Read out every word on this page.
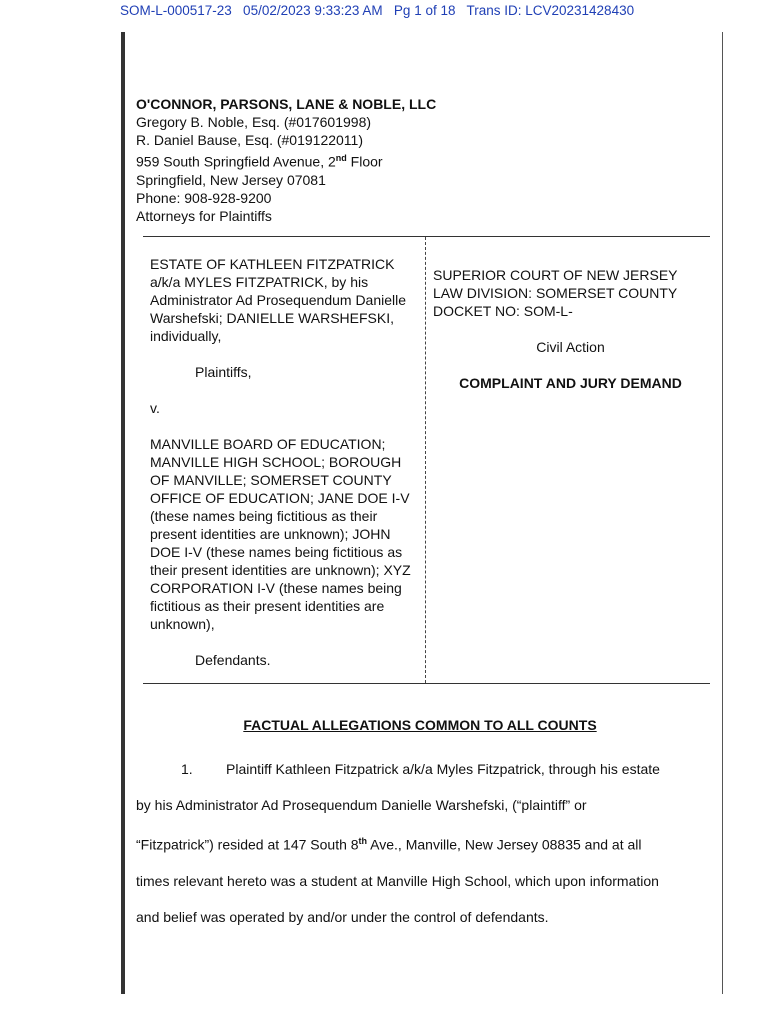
SOM-L-000517-23   05/02/2023 9:33:23 AM   Pg 1 of 18   Trans ID: LCV20231428430
O'CONNOR, PARSONS, LANE & NOBLE, LLC
Gregory B. Noble, Esq. (#017601998)
R. Daniel Bause, Esq. (#019122011)
959 South Springfield Avenue, 2nd Floor
Springfield, New Jersey 07081
Phone: 908-928-9200
Attorneys for Plaintiffs

ESTATE OF KATHLEEN FITZPATRICK a/k/a MYLES FITZPATRICK, by his Administrator Ad Prosequendum Danielle Warshefski; DANIELLE WARSHEFSKI, individually,

Plaintiffs,

v.

MANVILLE BOARD OF EDUCATION; MANVILLE HIGH SCHOOL; BOROUGH OF MANVILLE; SOMERSET COUNTY OFFICE OF EDUCATION; JANE DOE I-V (these names being fictitious as their present identities are unknown); JOHN DOE I-V (these names being fictitious as their present identities are unknown); XYZ CORPORATION I-V (these names being fictitious as their present identities are unknown),

Defendants.

SUPERIOR COURT OF NEW JERSEY

LAW DIVISION: SOMERSET COUNTY

DOCKET NO: SOM-L-

Civil Action

COMPLAINT AND JURY DEMAND

FACTUAL ALLEGATIONS COMMON TO ALL COUNTS
1. Plaintiff Kathleen Fitzpatrick a/k/a Myles Fitzpatrick, through his estate
by his Administrator Ad Prosequendum Danielle Warshefski, (“plaintiff” or
“Fitzpatrick”) resided at 147 South 8th Ave., Manville, New Jersey 08835 and at all
times relevant hereto was a student at Manville High School, which upon information
and belief was operated by and/or under the control of defendants.
